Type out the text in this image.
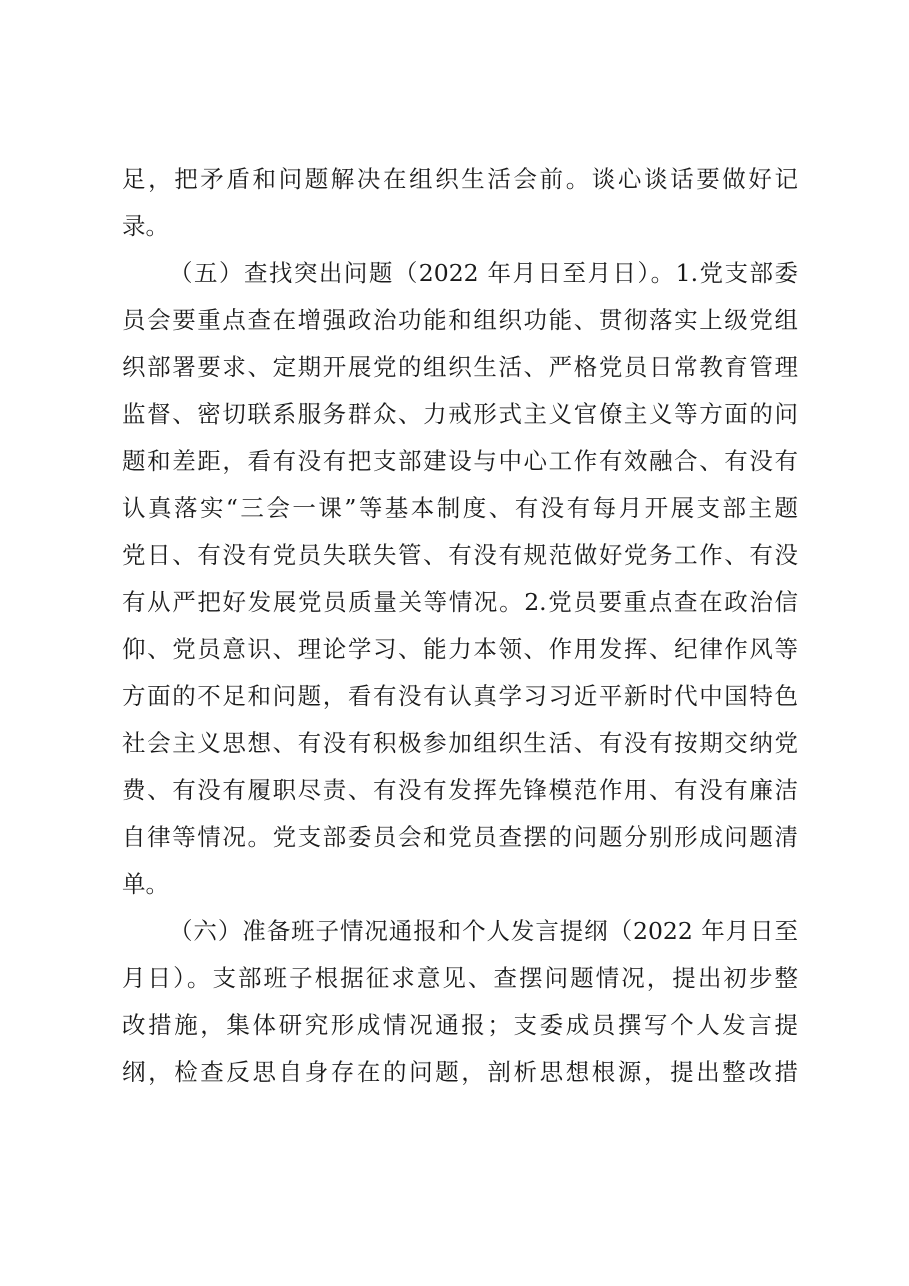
足，把矛盾和问题解决在组织生活会前。谈心谈话要做好记
录。
（五）查找突出问题（2022 年月日至月日）。1.党支部委
员会要重点查在增强政治功能和组织功能、贯彻落实上级党组
织部署要求、定期开展党的组织生活、严格党员日常教育管理
监督、密切联系服务群众、力戒形式主义官僚主义等方面的问
题和差距，看有没有把支部建设与中心工作有效融合、有没有
认真落实“三会一课”等基本制度、有没有每月开展支部主题
党日、有没有党员失联失管、有没有规范做好党务工作、有没
有从严把好发展党员质量关等情况。2.党员要重点查在政治信
仰、党员意识、理论学习、能力本领、作用发挥、纪律作风等
方面的不足和问题，看有没有认真学习习近平新时代中国特色
社会主义思想、有没有积极参加组织生活、有没有按期交纳党
费、有没有履职尽责、有没有发挥先锋模范作用、有没有廉洁
自律等情况。党支部委员会和党员查摆的问题分别形成问题清
单。
（六）准备班子情况通报和个人发言提纲（2022 年月日至
月日）。支部班子根据征求意见、查摆问题情况，提出初步整
改措施，集体研究形成情况通报；支委成员撰写个人发言提
纲，检查反思自身存在的问题，剖析思想根源，提出整改措
